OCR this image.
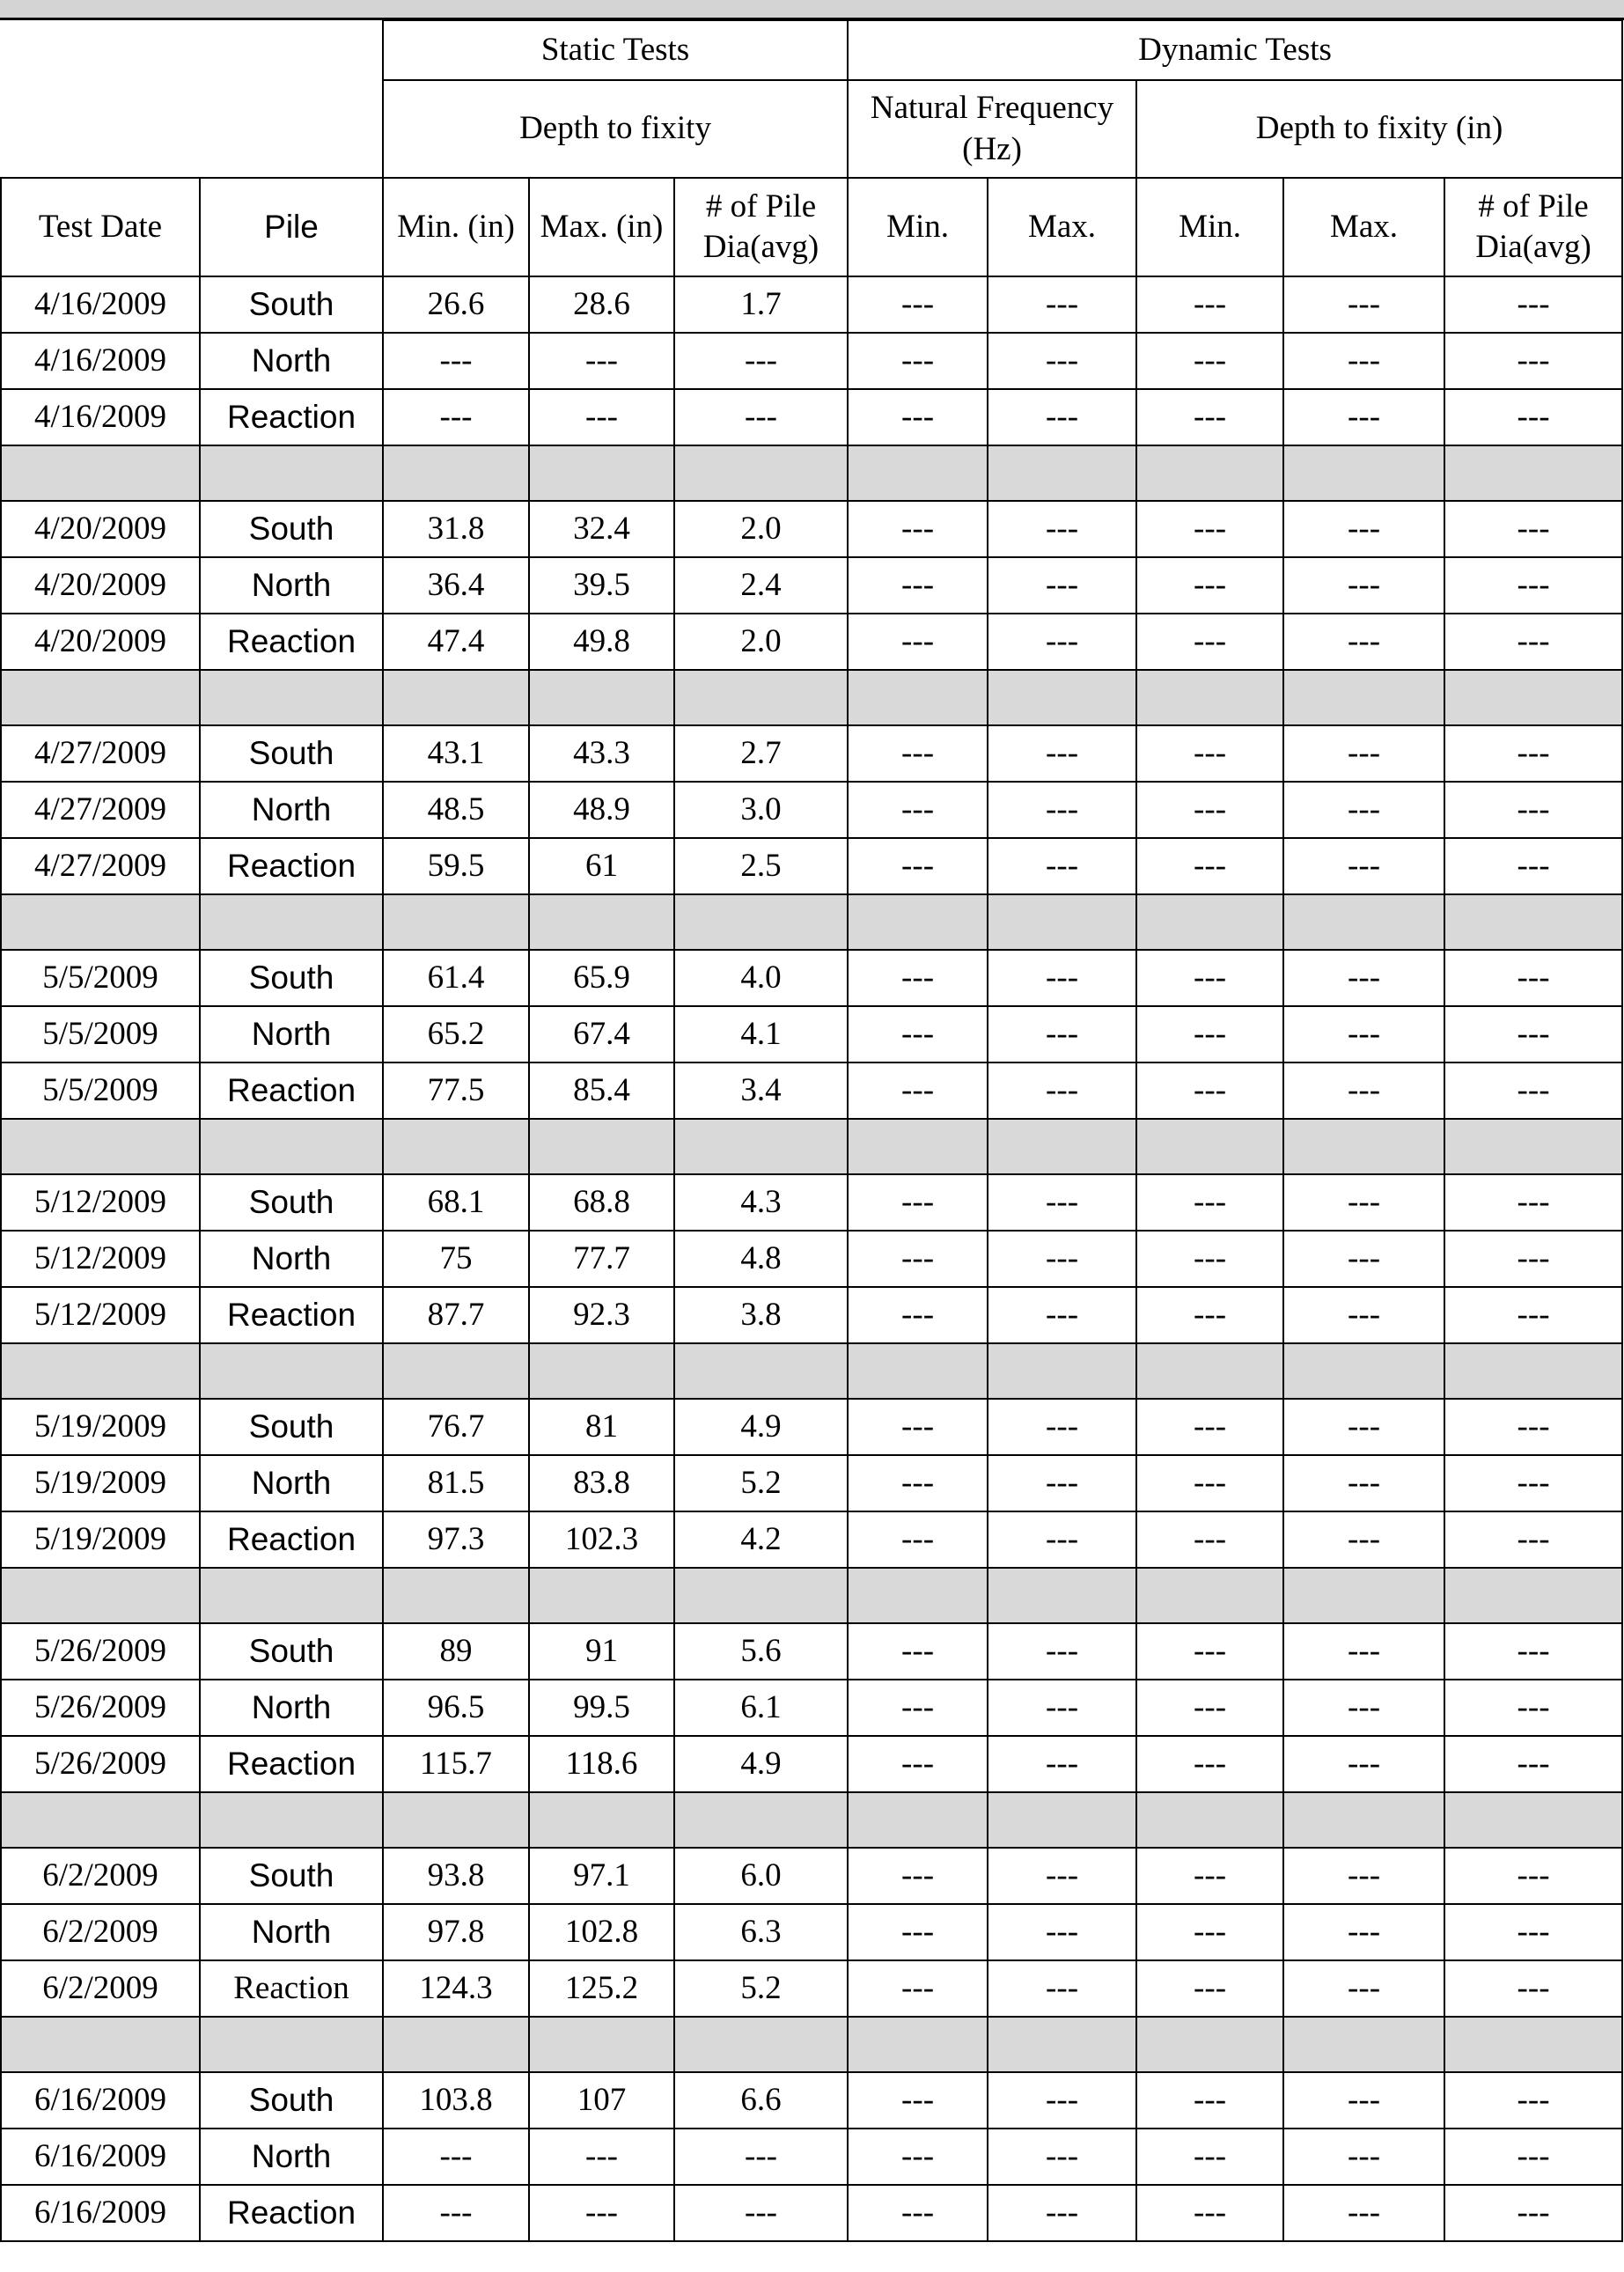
		Static Tests			Dynamic Tests				
		Depth to fixity			Natural Frequency (Hz)		Depth to fixity (in)		
Test Date	Pile	Min. (in)	Max. (in)	# of Pile Dia(avg)	Min.	Max.	Min.	Max.	# of Pile Dia(avg)
4/16/2009	South	26.6	28.6	1.7	---	---	---	---	---
4/16/2009	North	---	---	---	---	---	---	---	---
4/16/2009	Reaction	---	---	---	---	---	---	---	---

4/20/2009	South	31.8	32.4	2.0	---	---	---	---	---
4/20/2009	North	36.4	39.5	2.4	---	---	---	---	---
4/20/2009	Reaction	47.4	49.8	2.0	---	---	---	---	---

4/27/2009	South	43.1	43.3	2.7	---	---	---	---	---
4/27/2009	North	48.5	48.9	3.0	---	---	---	---	---
4/27/2009	Reaction	59.5	61	2.5	---	---	---	---	---

5/5/2009	South	61.4	65.9	4.0	---	---	---	---	---
5/5/2009	North	65.2	67.4	4.1	---	---	---	---	---
5/5/2009	Reaction	77.5	85.4	3.4	---	---	---	---	---

5/12/2009	South	68.1	68.8	4.3	---	---	---	---	---
5/12/2009	North	75	77.7	4.8	---	---	---	---	---
5/12/2009	Reaction	87.7	92.3	3.8	---	---	---	---	---

5/19/2009	South	76.7	81	4.9	---	---	---	---	---
5/19/2009	North	81.5	83.8	5.2	---	---	---	---	---
5/19/2009	Reaction	97.3	102.3	4.2	---	---	---	---	---

5/26/2009	South	89	91	5.6	---	---	---	---	---
5/26/2009	North	96.5	99.5	6.1	---	---	---	---	---
5/26/2009	Reaction	115.7	118.6	4.9	---	---	---	---	---

6/2/2009	South	93.8	97.1	6.0	---	---	---	---	---
6/2/2009	North	97.8	102.8	6.3	---	---	---	---	---
6/2/2009	Reaction	124.3	125.2	5.2	---	---	---	---	---

6/16/2009	South	103.8	107	6.6	---	---	---	---	---
6/16/2009	North	---	---	---	---	---	---	---	---
6/16/2009	Reaction	---	---	---	---	---	---	---	---
